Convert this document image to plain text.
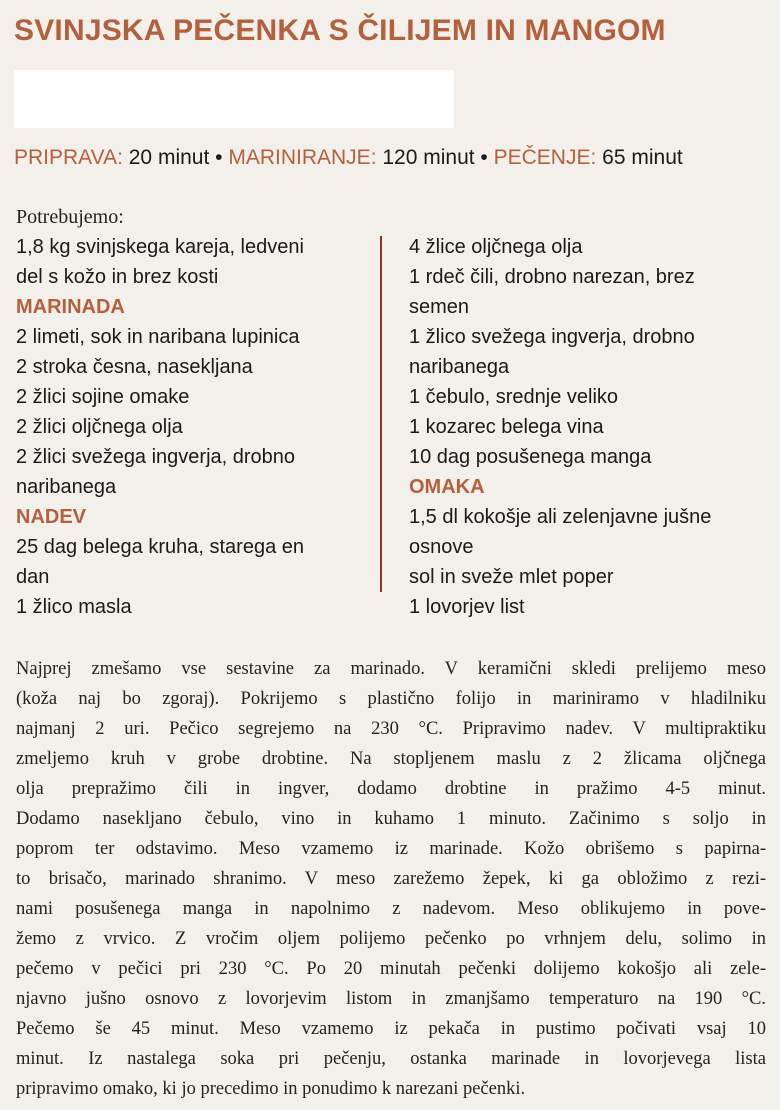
SVINJSKA PEČENKA S ČILIJEM IN MANGOM
PRIPRAVA: 20 minut • MARINIRANJE: 120 minut • PEČENJE: 65 minut
Potrebujemo:
1,8 kg svinjskega kareja, ledveni
del s kožo in brez kosti
MARINADA
2 limeti, sok in naribana lupinica
2 stroka česna, nasekljana
2 žlici sojine omake
2 žlici oljčnega olja
2 žlici svežega ingverja, drobno
naribanega
NADEV
25 dag belega kruha, starega en
dan
1 žlico masla
4 žlice oljčnega olja
1 rdeč čili, drobno narezan, brez
semen
1 žlico svežega ingverja, drobno
naribanega
1 čebulo, srednje veliko
1 kozarec belega vina
10 dag posušenega manga
OMAKA
1,5 dl kokošje ali zelenjavne jušne
osnove
sol in sveže mlet poper
1 lovorjev list
Najprej zmešamo vse sestavine za marinado. V keramični skledi prelijemo meso
(koža naj bo zgoraj). Pokrijemo s plastično folijo in mariniramo v hladilniku
najmanj 2 uri. Pečico segrejemo na 230 °C. Pripravimo nadev. V multipraktiku
zmeljemo kruh v grobe drobtine. Na stopljenem maslu z 2 žlicama oljčnega
olja prepražimo čili in ingver, dodamo drobtine in pražimo 4-5 minut.
Dodamo nasekljano čebulo, vino in kuhamo 1 minuto. Začinimo s soljo in
poprom ter odstavimo. Meso vzamemo iz marinade. Kožo obrišemo s papirna-
to brisačo, marinado shranimo. V meso zarežemo žepek, ki ga obložimo z rezi-
nami posušenega manga in napolnimo z nadevom. Meso oblikujemo in pove-
žemo z vrvico. Z vročim oljem polijemo pečenko po vrhnjem delu, solimo in
pečemo v pečici pri 230 °C. Po 20 minutah pečenki dolijemo kokošjo ali zele-
njavno jušno osnovo z lovorjevim listom in zmanjšamo temperaturo na 190 °C.
Pečemo še 45 minut. Meso vzamemo iz pekača in pustimo počivati vsaj 10
minut. Iz nastalega soka pri pečenju, ostanka marinade in lovorjevega lista
pripravimo omako, ki jo precedimo in ponudimo k narezani pečenki.
